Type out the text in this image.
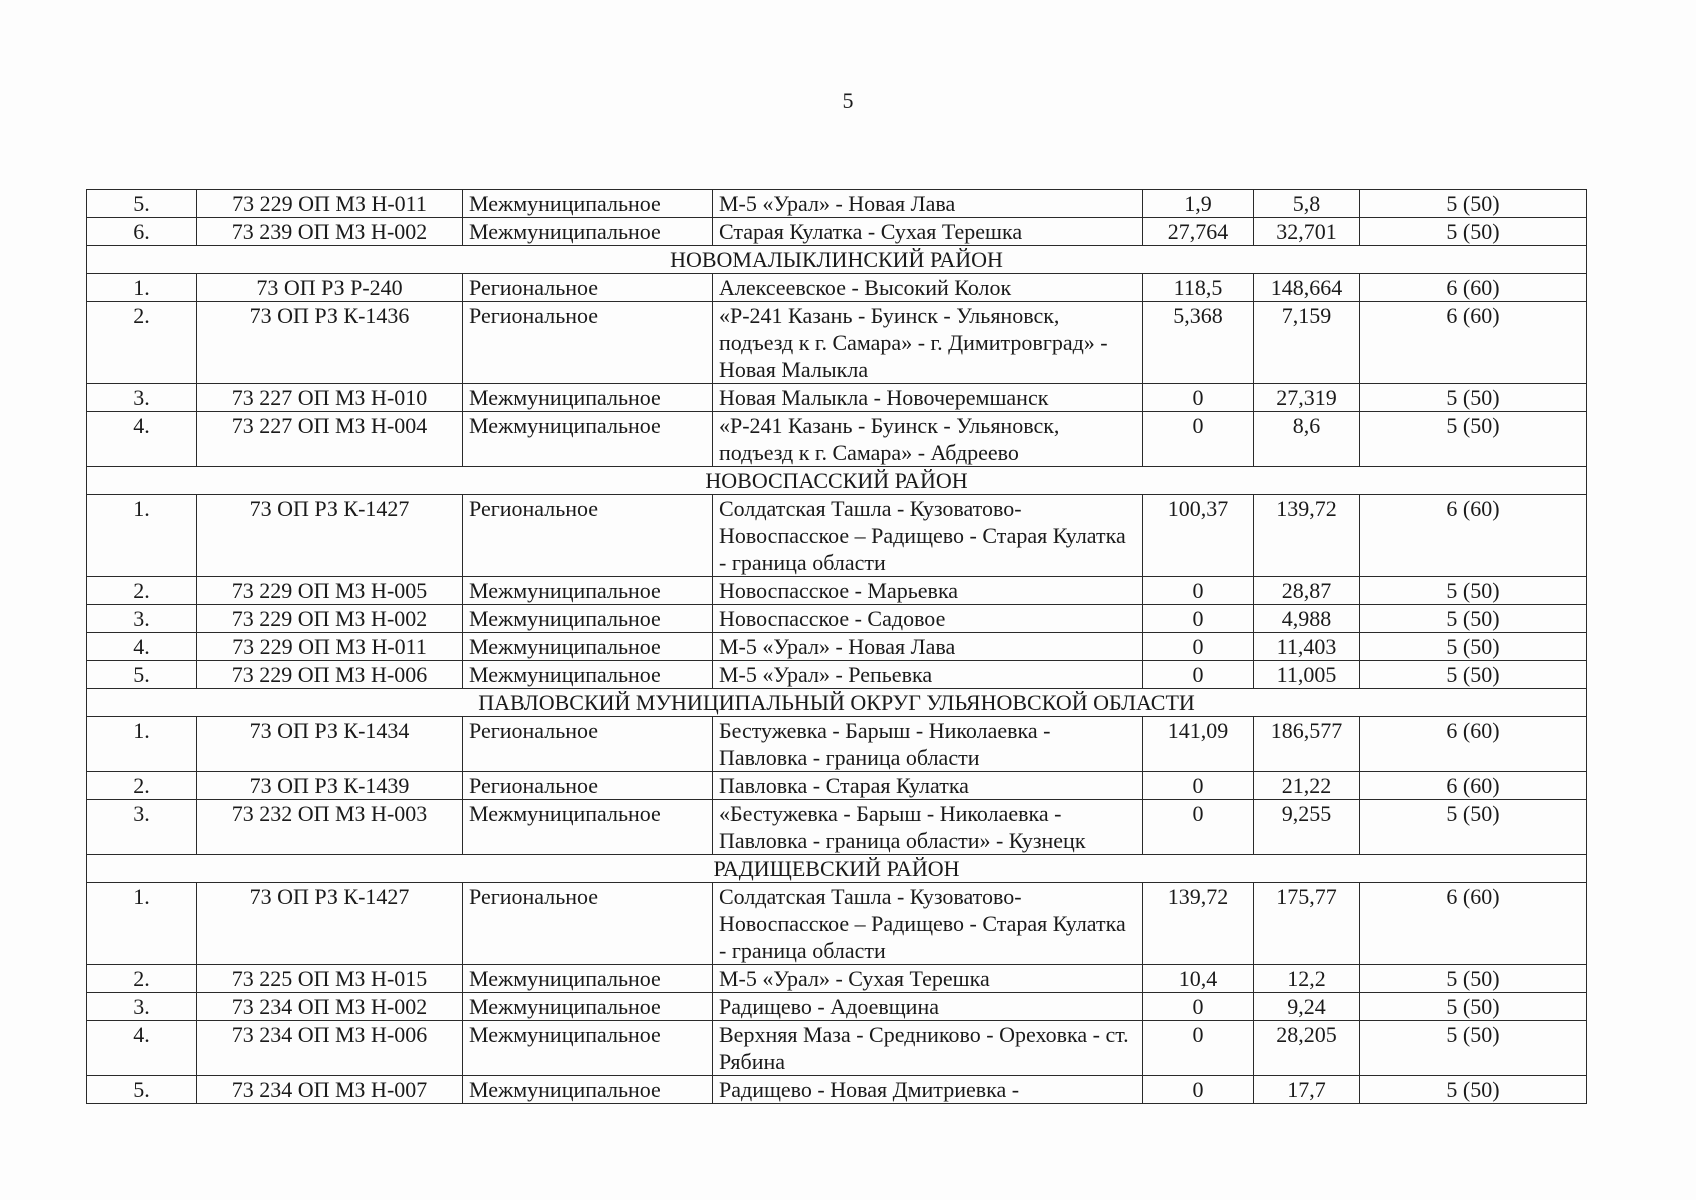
5
5.	73 229 ОП МЗ Н-011	Межмуниципальное	М-5 «Урал» - Новая Лава	1,9	5,8	5 (50)
6.	73 239 ОП МЗ Н-002	Межмуниципальное	Старая Кулатка - Сухая Терешка	27,764	32,701	5 (50)
НОВОМАЛЫКЛИНСКИЙ РАЙОН						
1.	73 ОП РЗ Р-240	Региональное	Алексеевское - Высокий Колок	118,5	148,664	6 (60)
2.	73 ОП РЗ К-1436	Региональное	«Р-241 Казань - Буинск - Ульяновск, подъезд к г. Самара» - г. Димитровград» - Новая Малыкла	5,368	7,159	6 (60)
3.	73 227 ОП МЗ Н-010	Межмуниципальное	Новая Малыкла - Новочеремшанск	0	27,319	5 (50)
4.	73 227 ОП МЗ Н-004	Межмуниципальное	«Р-241 Казань - Буинск - Ульяновск, подъезд к г. Самара» - Абдреево	0	8,6	5 (50)
НОВОСПАССКИЙ РАЙОН						
1.	73 ОП РЗ К-1427	Региональное	Солдатская Ташла - Кузоватово-Новоспасское – Радищево - Старая Кулатка - граница области	100,37	139,72	6 (60)
2.	73 229 ОП МЗ Н-005	Межмуниципальное	Новоспасское - Марьевка	0	28,87	5 (50)
3.	73 229 ОП МЗ Н-002	Межмуниципальное	Новоспасское - Садовое	0	4,988	5 (50)
4.	73 229 ОП МЗ Н-011	Межмуниципальное	М-5 «Урал» - Новая Лава	0	11,403	5 (50)
5.	73 229 ОП МЗ Н-006	Межмуниципальное	М-5 «Урал» - Репьевка	0	11,005	5 (50)
ПАВЛОВСКИЙ МУНИЦИПАЛЬНЫЙ ОКРУГ УЛЬЯНОВСКОЙ ОБЛАСТИ						
1.	73 ОП РЗ К-1434	Региональное	Бестужевка - Барыш - Николаевка - Павловка - граница области	141,09	186,577	6 (60)
2.	73 ОП РЗ К-1439	Региональное	Павловка - Старая Кулатка	0	21,22	6 (60)
3.	73 232 ОП МЗ Н-003	Межмуниципальное	«Бестужевка - Барыш - Николаевка - Павловка - граница области» - Кузнецк	0	9,255	5 (50)
РАДИЩЕВСКИЙ РАЙОН						
1.	73 ОП РЗ К-1427	Региональное	Солдатская Ташла - Кузоватово-Новоспасское – Радищево - Старая Кулатка - граница области	139,72	175,77	6 (60)
2.	73 225 ОП МЗ Н-015	Межмуниципальное	М-5 «Урал» - Сухая Терешка	10,4	12,2	5 (50)
3.	73 234 ОП МЗ Н-002	Межмуниципальное	Радищево - Адоевщина	0	9,24	5 (50)
4.	73 234 ОП МЗ Н-006	Межмуниципальное	Верхняя Маза - Средниково - Ореховка - ст. Рябина	0	28,205	5 (50)
5.	73 234 ОП МЗ Н-007	Межмуниципальное	Радищево - Новая Дмитриевка -	0	17,7	5 (50)
